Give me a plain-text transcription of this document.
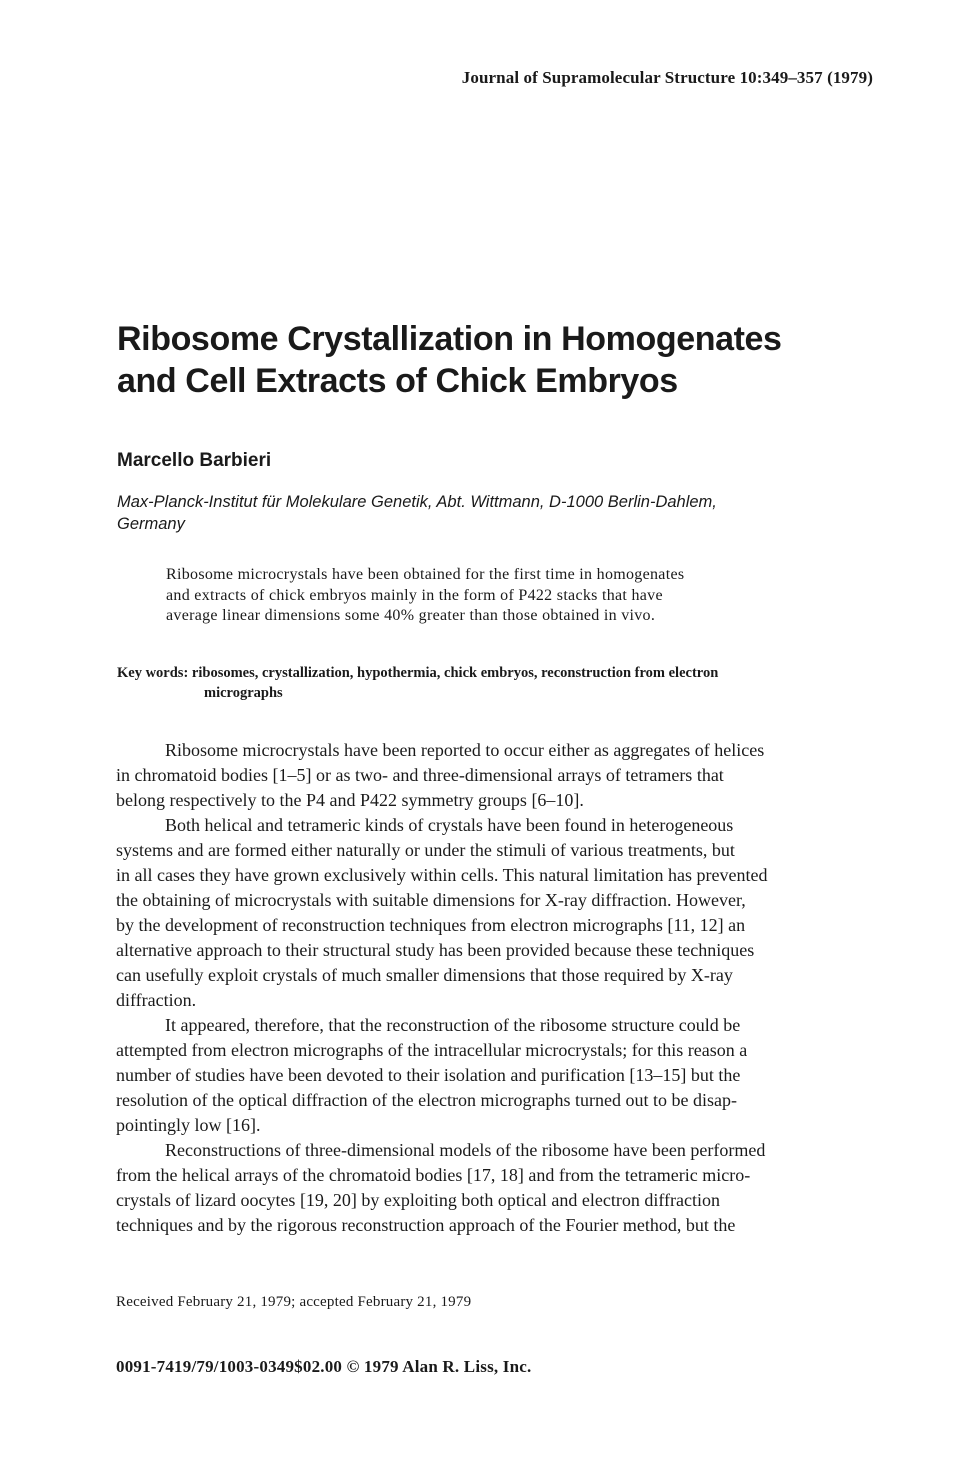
Journal of Supramolecular Structure 10:349–357 (1979)
Ribosome Crystallization in Homogenates
and Cell Extracts of Chick Embryos
Marcello Barbieri
Max-Planck-Institut für Molekulare Genetik, Abt. Wittmann, D-1000 Berlin-Dahlem,
Germany
Ribosome microcrystals have been obtained for the first time in homogenates
and extracts of chick embryos mainly in the form of P422 stacks that have
average linear dimensions some 40% greater than those obtained in vivo.
Key words: ribosomes, crystallization, hypothermia, chick embryos, reconstruction from electron
micrographs
Ribosome microcrystals have been reported to occur either as aggregates of helices
in chromatoid bodies [1–5] or as two- and three-dimensional arrays of tetramers that
belong respectively to the P4 and P422 symmetry groups [6–10].
Both helical and tetrameric kinds of crystals have been found in heterogeneous
systems and are formed either naturally or under the stimuli of various treatments, but
in all cases they have grown exclusively within cells. This natural limitation has prevented
the obtaining of microcrystals with suitable dimensions for X-ray diffraction. However,
by the development of reconstruction techniques from electron micrographs [11, 12] an
alternative approach to their structural study has been provided because these techniques
can usefully exploit crystals of much smaller dimensions that those required by X-ray
diffraction.
It appeared, therefore, that the reconstruction of the ribosome structure could be
attempted from electron micrographs of the intracellular microcrystals; for this reason a
number of studies have been devoted to their isolation and purification [13–15] but the
resolution of the optical diffraction of the electron micrographs turned out to be disap-
pointingly low [16].
Reconstructions of three-dimensional models of the ribosome have been performed
from the helical arrays of the chromatoid bodies [17, 18] and from the tetrameric micro-
crystals of lizard oocytes [19, 20] by exploiting both optical and electron diffraction
techniques and by the rigorous reconstruction approach of the Fourier method, but the
Received February 21, 1979; accepted February 21, 1979
0091-7419/79/1003-0349$02.00 © 1979 Alan R. Liss, Inc.
